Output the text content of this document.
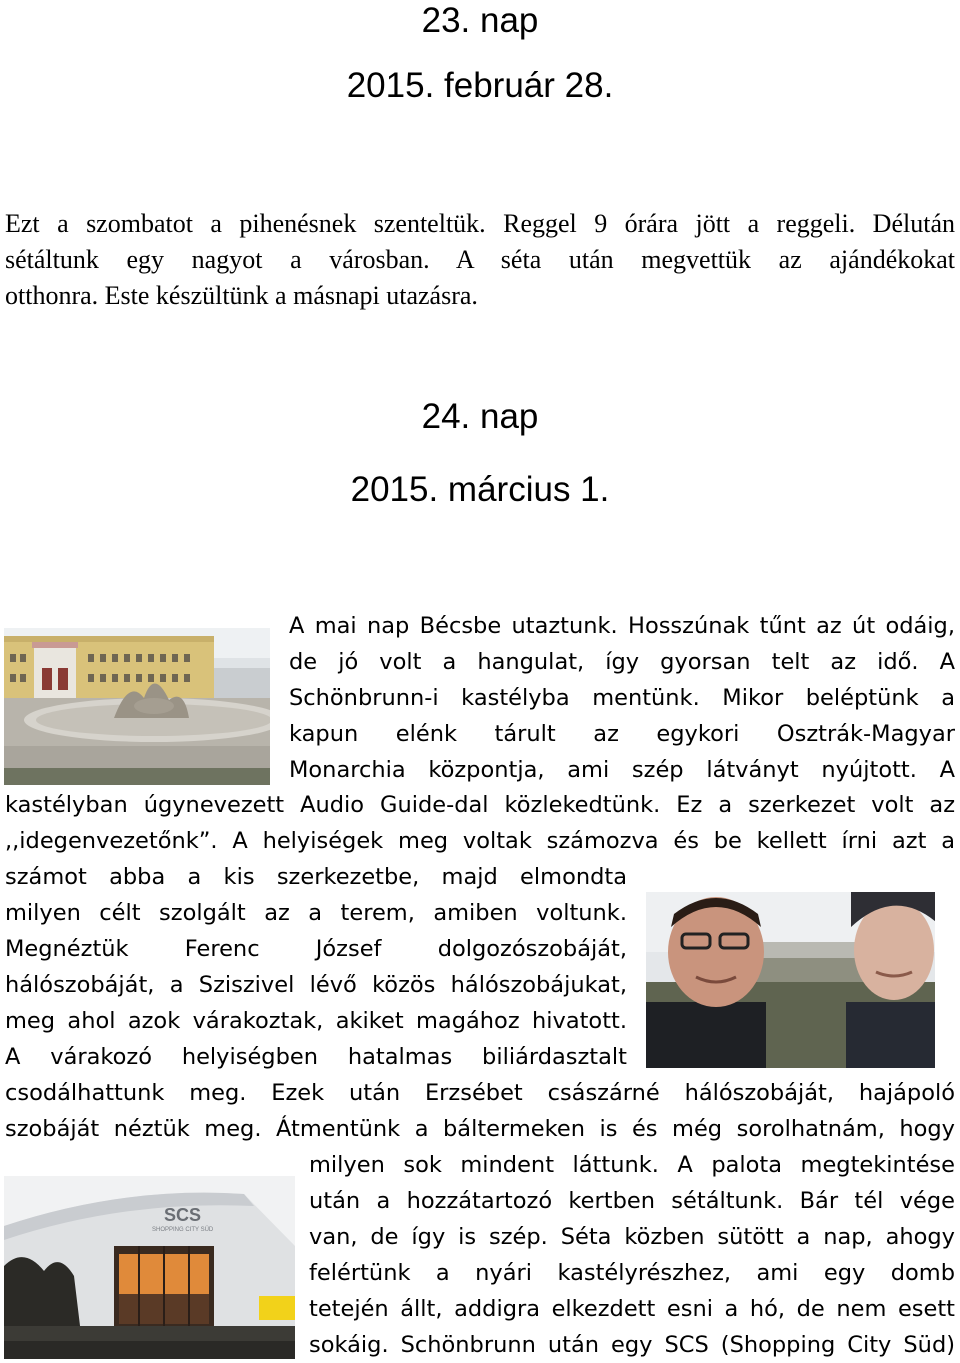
23. nap
2015. február 28.
Ezt a szombatot a pihenésnek szenteltük. Reggel 9 órára jött a reggeli. Délután
sétáltunk egy nagyot a városban. A séta után megvettük az ajándékokat
otthonra. Este készültünk a másnapi utazásra.
24. nap
2015. március 1.
A mai nap Bécsbe utaztunk. Hosszúnak tűnt az út odáig,
de jó volt a hangulat, így gyorsan telt az idő. A
Schönbrunn-i kastélyba mentünk. Mikor beléptünk a
kapun elénk tárult az egykori Osztrák-Magyar
Monarchia központja, ami szép látványt nyújtott. A
kastélyban úgynevezett Audio Guide-dal közlekedtünk. Ez a szerkezet volt az
,,idegenvezetőnk”. A helyiségek meg voltak számozva és be kellett írni azt a
számot abba a kis szerkezetbe, majd elmondta
milyen célt szolgált az a terem, amiben voltunk.
Megnéztük Ferenc József dolgozószobáját,
hálószobáját, a Sziszivel lévő közös hálószobájukat,
meg ahol azok várakoztak, akiket magához hivatott.
A várakozó helyiségben hatalmas biliárdasztalt
csodálhattunk meg. Ezek után Erzsébet császárné hálószobáját, hajápoló
szobáját néztük meg. Átmentünk a báltermeken is és még sorolhatnám, hogy
milyen sok mindent láttunk. A palota megtekintése
után a hozzátartozó kertben sétáltunk. Bár tél vége
van, de így is szép. Séta közben sütött a nap, ahogy
felértünk a nyári kastélyrészhez, ami egy domb
tetején állt, addigra elkezdett esni a hó, de nem esett
sokáig. Schönbrunn után egy SCS (Shopping City Süd)
SCS
SHOPPING CITY SÜD
